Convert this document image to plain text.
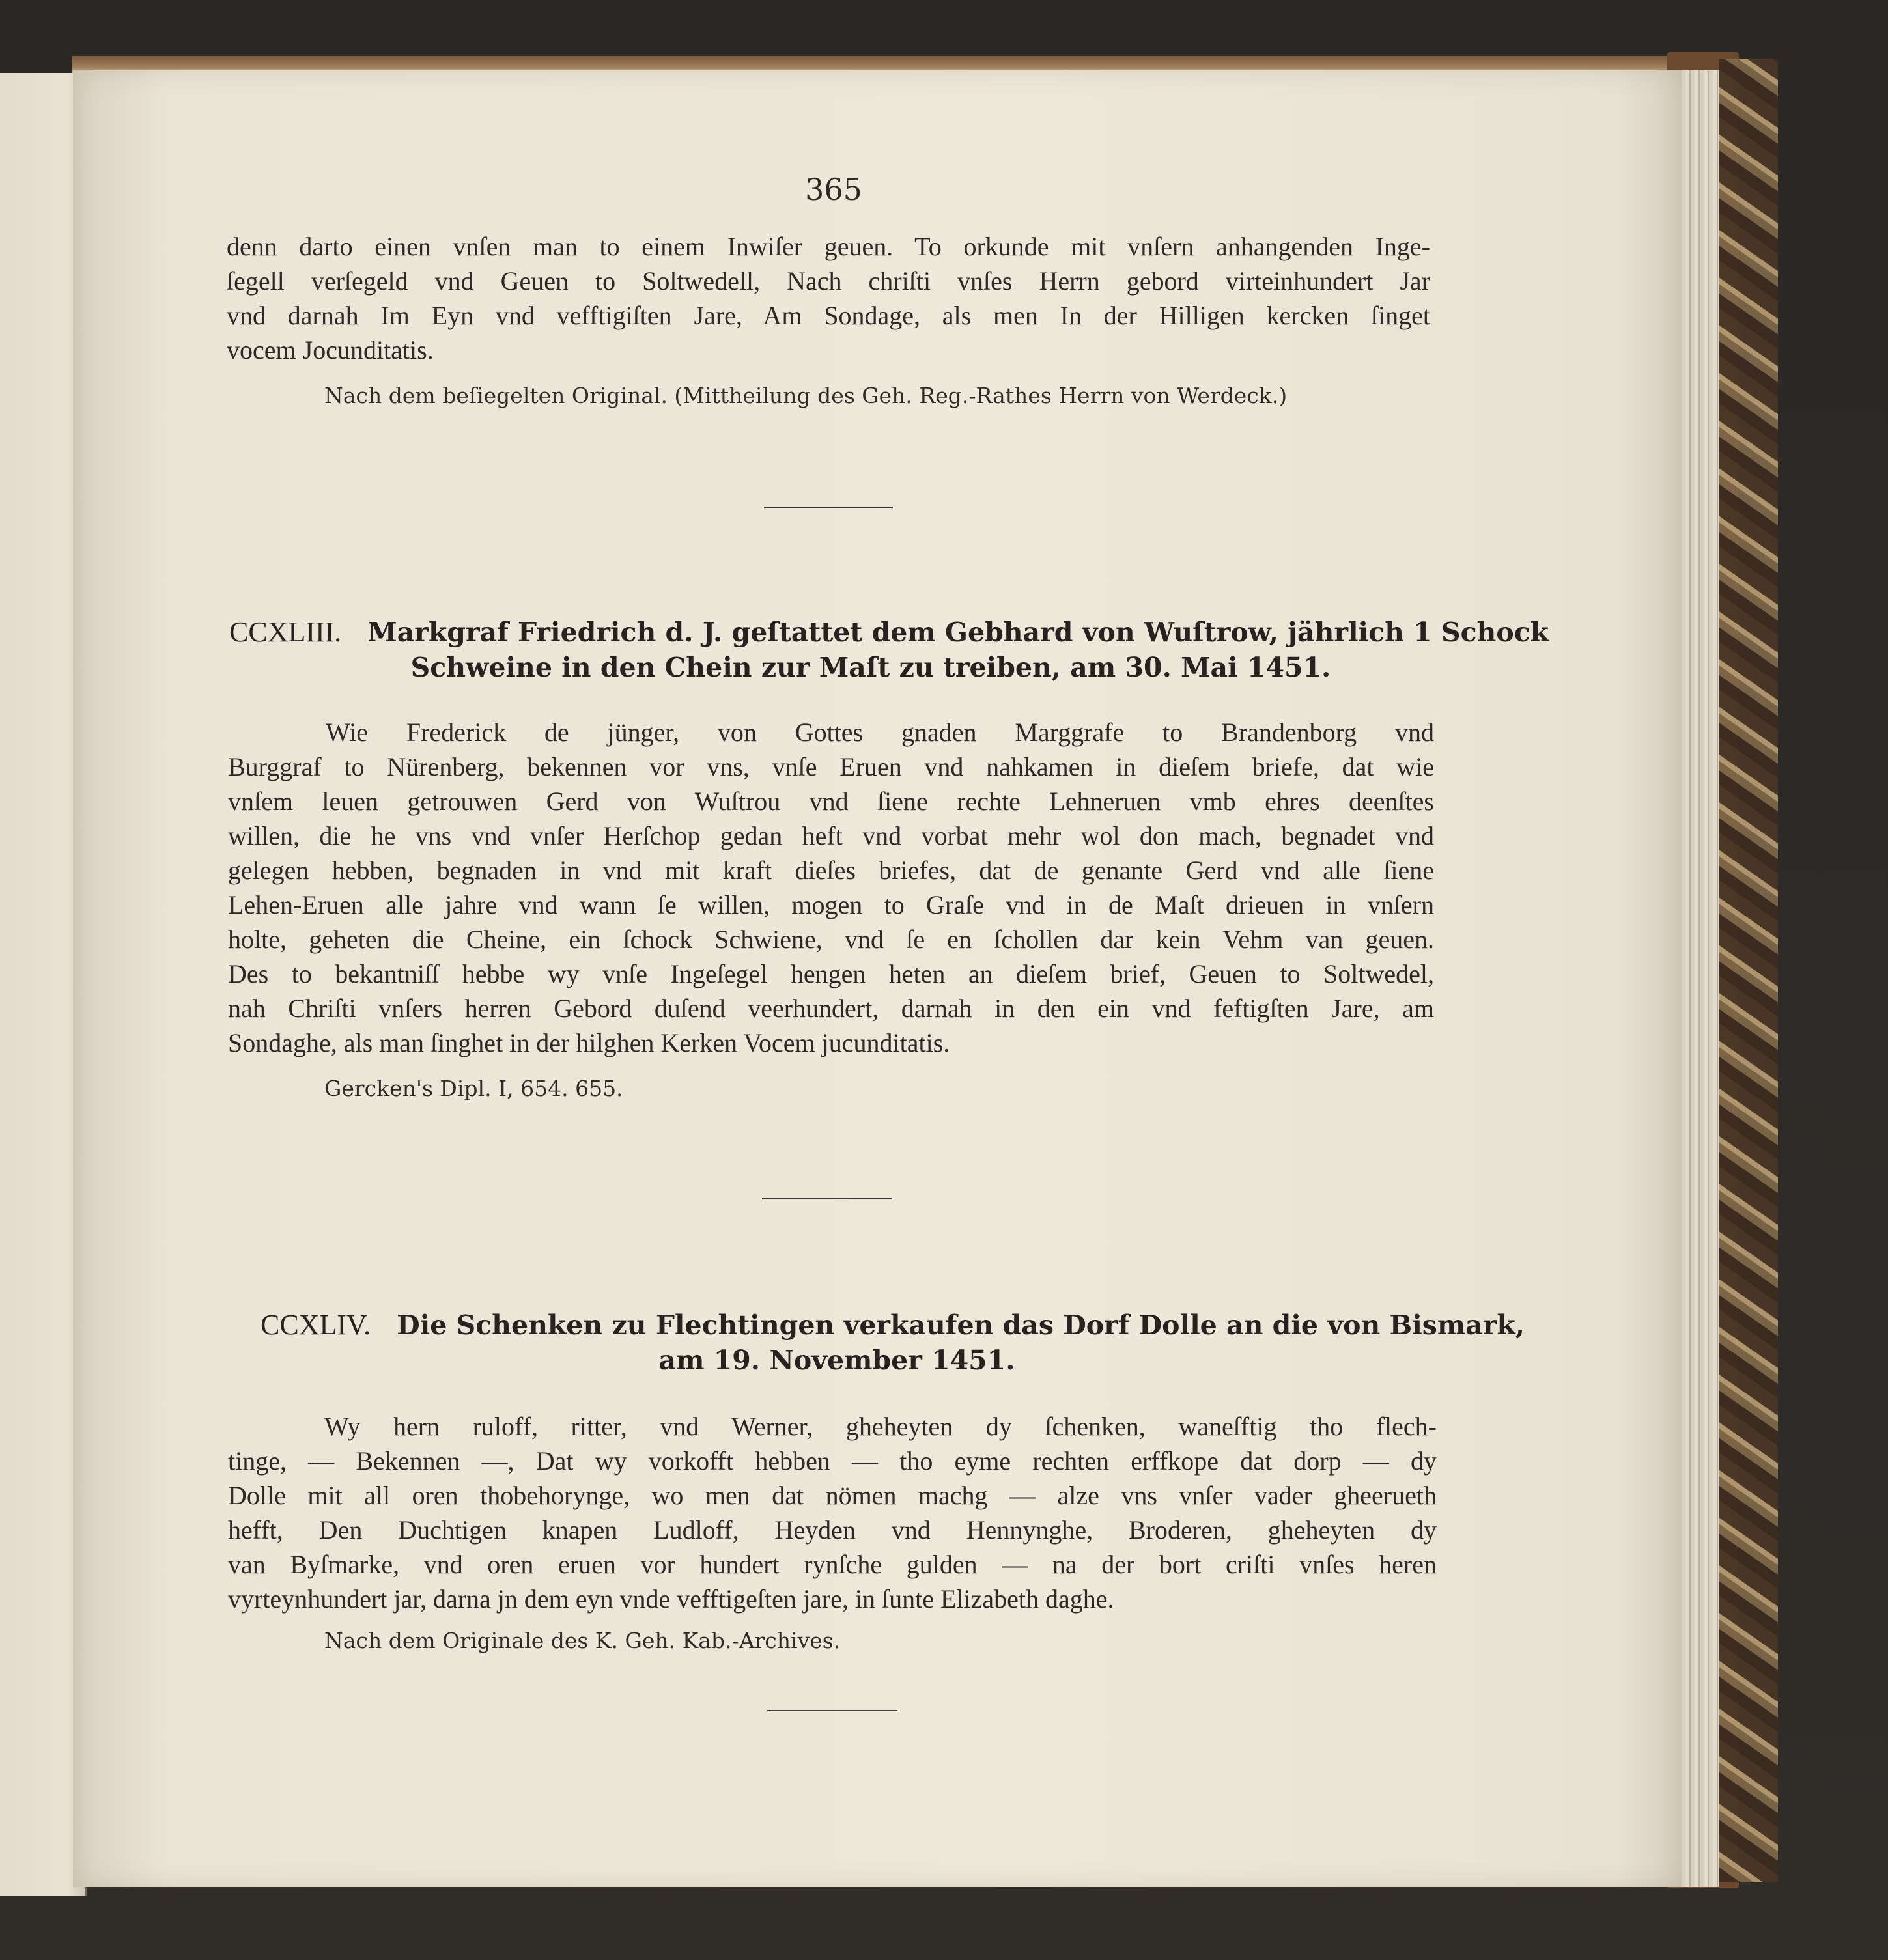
365
denn darto einen vnſen man to einem Inwiſer geuen. To orkunde mit vnſern anhangenden Inge-
ſegell verſegeld vnd Geuen to Soltwedell, Nach chriſti vnſes Herrn gebord virteinhundert Jar
vnd darnah Im Eyn vnd vefftigiſten Jare, Am Sondage, als men In der Hilligen kercken ſinget
vocem Jocunditatis.
Nach dem beſiegelten Original. (Mittheilung des Geh. Reg.-Rathes Herrn von Werdeck.)
CCXLIII. Markgraf Friedrich d. J. geſtattet dem Gebhard von Wuſtrow, jährlich 1 Schock
Schweine in den Chein zur Maſt zu treiben, am 30. Mai 1451.
Wie Frederick de jünger, von Gottes gnaden Marggrafe to Brandenborg vnd
Burggraf to Nürenberg, bekennen vor vns, vnſe Eruen vnd nahkamen in dieſem briefe, dat wie
vnſem leuen getrouwen Gerd von Wuſtrou vnd ſiene rechte Lehneruen vmb ehres deenſtes
willen, die he vns vnd vnſer Herſchop gedan heft vnd vorbat mehr wol don mach, begnadet vnd
gelegen hebben, begnaden in vnd mit kraft dieſes briefes, dat de genante Gerd vnd alle ſiene
Lehen-Eruen alle jahre vnd wann ſe willen, mogen to Graſe vnd in de Maſt drieuen in vnſern
holte, geheten die Cheine, ein ſchock Schwiene, vnd ſe en ſchollen dar kein Vehm van geuen.
Des to bekantniſſ hebbe wy vnſe Ingeſegel hengen heten an dieſem brief, Geuen to Soltwedel,
nah Chriſti vnſers herren Gebord duſend veerhundert, darnah in den ein vnd feftigſten Jare, am
Sondaghe, als man ſinghet in der hilghen Kerken Vocem jucunditatis.
Gercken's Dipl. I, 654. 655.
CCXLIV. Die Schenken zu Flechtingen verkaufen das Dorf Dolle an die von Bismark,
am 19. November 1451.
Wy hern ruloff, ritter, vnd Werner, gheheyten dy ſchenken, waneſftig tho flech-
tinge, — Bekennen —, Dat wy vorkofft hebben — tho eyme rechten erffkope dat dorp — dy
Dolle mit all oren thobehorynge, wo men dat nömen machg — alze vns vnſer vader gheerueth
hefft, Den Duchtigen knapen Ludloff, Heyden vnd Hennynghe, Broderen, gheheyten dy
van Byſmarke, vnd oren eruen vor hundert rynſche gulden — na der bort criſti vnſes heren
vyrteynhundert jar, darna jn dem eyn vnde vefftigeſten jare, in ſunte Elizabeth daghe.
Nach dem Originale des K. Geh. Kab.-Archives.
